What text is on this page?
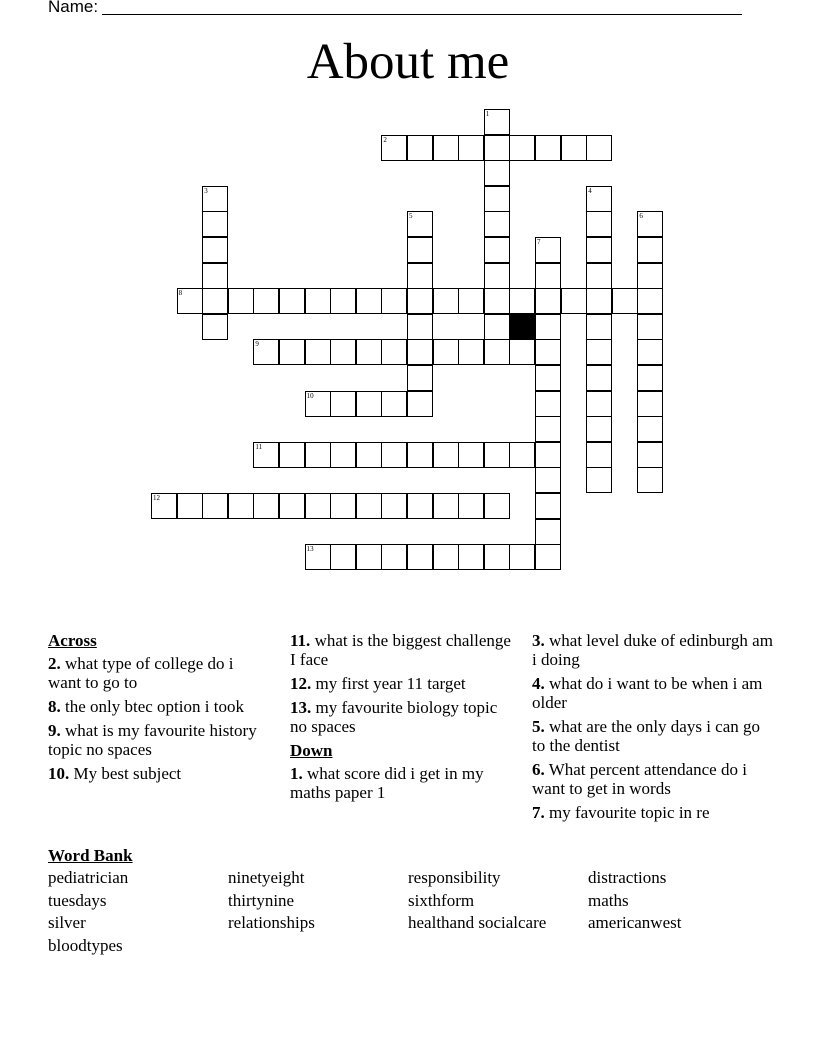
Name:
About me
1
2
3	4
5	6
7
8
9
10
11
12
13
Across
2. what type of college do i want to go to
8. the only btec option i took
9. what is my favourite history topic no spaces
10. My best subject
11. what is the biggest challenge I face
12. my first year 11 target
13. my favourite biology topic no spaces
Down
1. what score did i get in my maths paper 1
3. what level duke of edinburgh am i doing
4. what do i want to be when i am older
5. what are the only days i can go to the dentist
6. What percent attendance do i want to get in words
7. my favourite topic in re
Word Bank
pediatrician	ninetyeight	responsibility	distractions
tuesdays	thirtynine	sixthform	maths
silver	relationships	healthand socialcare	americanwest
bloodtypes
